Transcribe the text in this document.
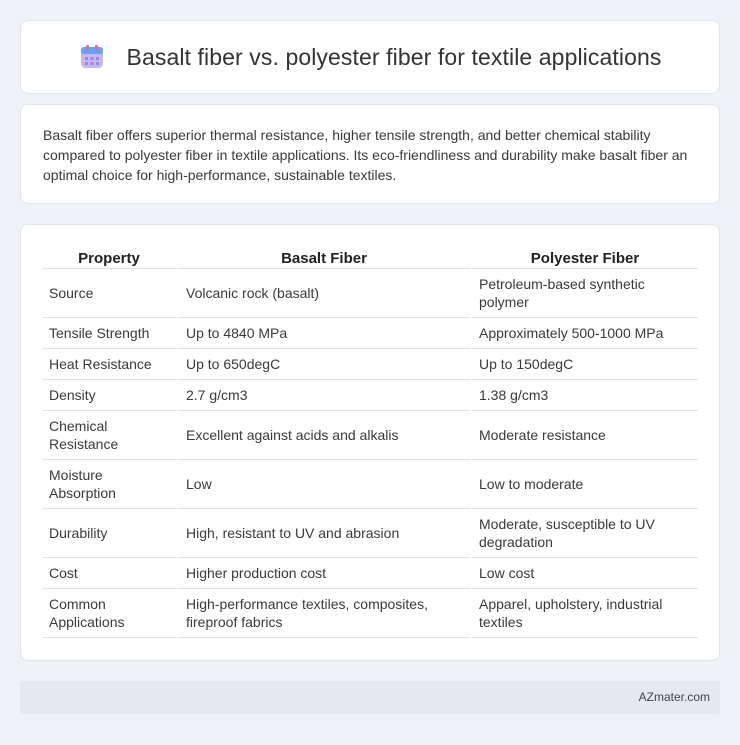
Basalt fiber vs. polyester fiber for textile applications

Basalt fiber offers superior thermal resistance, higher tensile strength, and better chemical stability compared to polyester fiber in textile applications. Its eco-friendliness and durability make basalt fiber an optimal choice for high-performance, sustainable textiles.

Property	Basalt Fiber	Polyester Fiber
Source	Volcanic rock (basalt)	Petroleum-based synthetic polymer
Tensile Strength	Up to 4840 MPa	Approximately 500-1000 MPa
Heat Resistance	Up to 650degC	Up to 150degC
Density	2.7 g/cm3	1.38 g/cm3
Chemical Resistance	Excellent against acids and alkalis	Moderate resistance
Moisture Absorption	Low	Low to moderate
Durability	High, resistant to UV and abrasion	Moderate, susceptible to UV degradation
Cost	Higher production cost	Low cost
Common Applications	High-performance textiles, composites, fireproof fabrics	Apparel, upholstery, industrial textiles
AZmater.com
